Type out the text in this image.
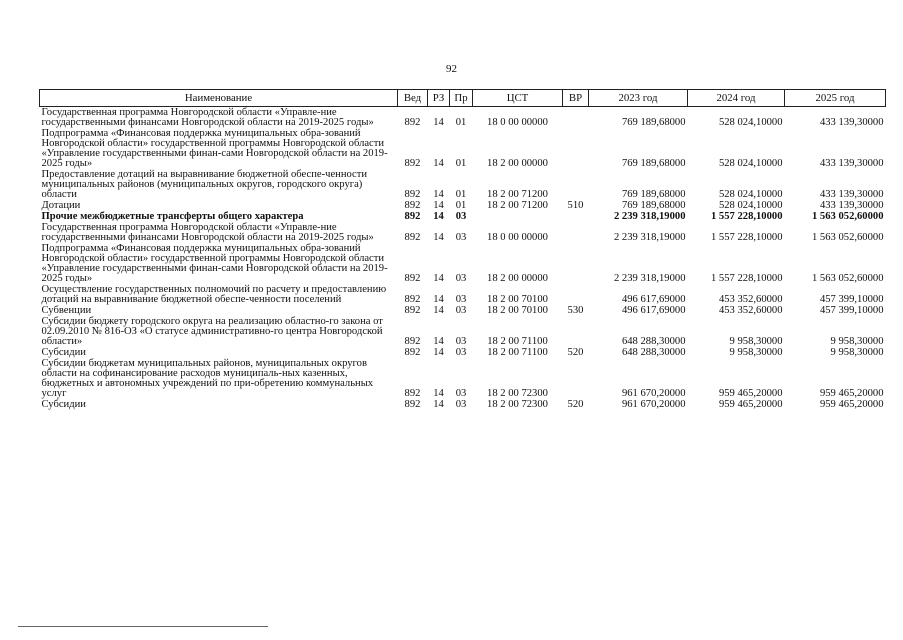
92
Наименование	Вед	РЗ	Пр	ЦСТ	ВР	2023 год	2024 год	2025 год
Государственная программа Новгородской области «Управле-ние государственными финансами Новгородской области на 2019-2025 годы»	892	14	01	18 0 00 00000		769 189,68000	528 024,10000	433 139,30000
Подпрограмма «Финансовая поддержка муниципальных обра-зований Новгородской области» государственной программы Новгородской области «Управление государственными финан-сами Новгородской области на 2019-2025 годы»	892	14	01	18 2 00 00000		769 189,68000	528 024,10000	433 139,30000
Предоставление дотаций на выравнивание бюджетной обеспе-ченности муниципальных районов (муниципальных округов, городского округа) области	892	14	01	18 2 00 71200		769 189,68000	528 024,10000	433 139,30000
Дотации	892	14	01	18 2 00 71200	510	769 189,68000	528 024,10000	433 139,30000
Прочие межбюджетные трансферты общего характера	892	14	03			2 239 318,19000	1 557 228,10000	1 563 052,60000
Государственная программа Новгородской области «Управле-ние государственными финансами Новгородской области на 2019-2025 годы»	892	14	03	18 0 00 00000		2 239 318,19000	1 557 228,10000	1 563 052,60000
Подпрограмма «Финансовая поддержка муниципальных обра-зований Новгородской области» государственной программы Новгородской области «Управление государственными финан-сами Новгородской области на 2019-2025 годы»	892	14	03	18 2 00 00000		2 239 318,19000	1 557 228,10000	1 563 052,60000
Осуществление государственных полномочий по расчету и предоставлению дотаций на выравнивание бюджетной обеспе-ченности поселений	892	14	03	18 2 00 70100		496 617,69000	453 352,60000	457 399,10000
Субвенции	892	14	03	18 2 00 70100	530	496 617,69000	453 352,60000	457 399,10000
Субсидии бюджету городского округа на реализацию областно-го закона от 02.09.2010 № 816-ОЗ «О статусе административно-го центра Новгородской области»	892	14	03	18 2 00 71100		648 288,30000	9 958,30000	9 958,30000
Субсидии	892	14	03	18 2 00 71100	520	648 288,30000	9 958,30000	9 958,30000
Субсидии бюджетам муниципальных районов, муниципальных округов области на софинансирование расходов муниципаль-ных казенных, бюджетных и автономных учреждений по при-обретению коммунальных услуг	892	14	03	18 2 00 72300		961 670,20000	959 465,20000	959 465,20000
Субсидии	892	14	03	18 2 00 72300	520	961 670,20000	959 465,20000	959 465,20000
